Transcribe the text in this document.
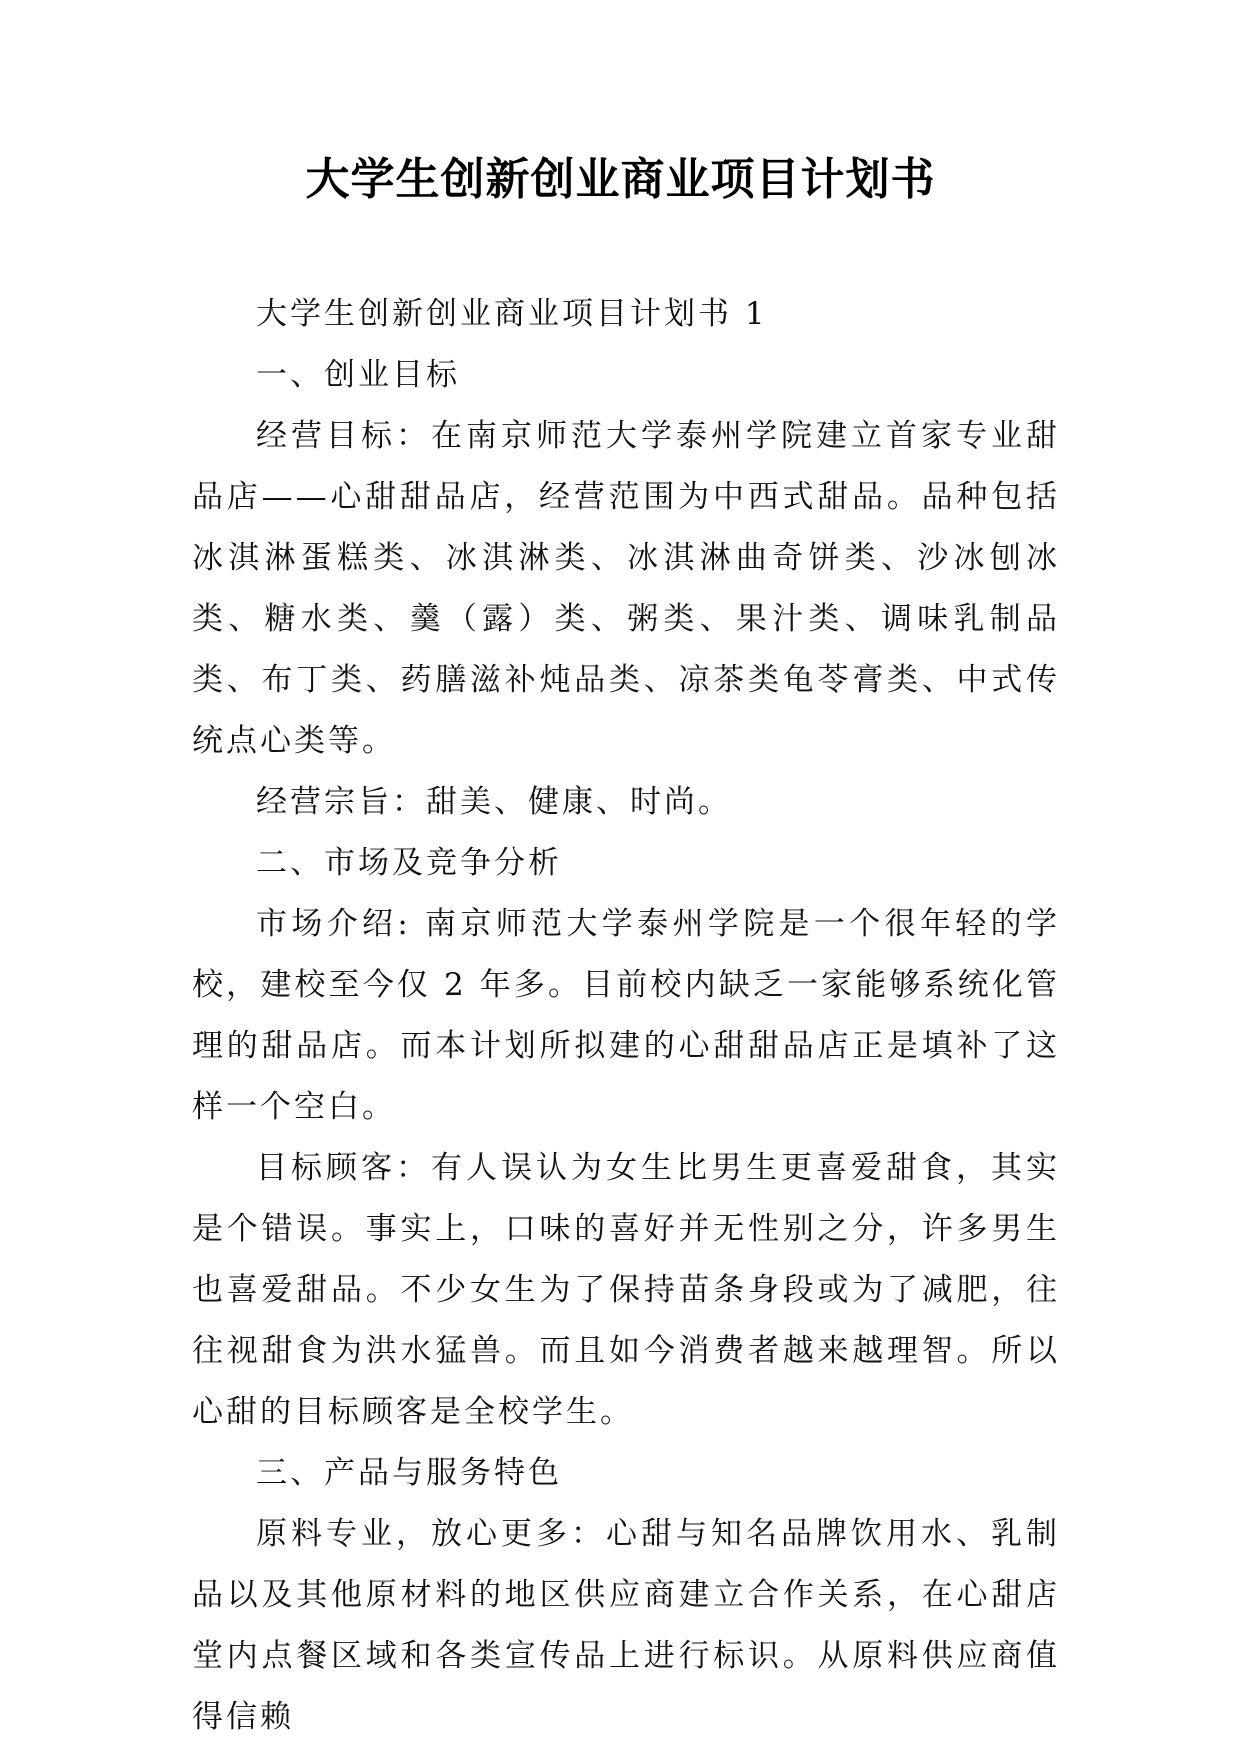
大学生创新创业商业项目计划书

大学生创新创业商业项目计划书 1

一、创业目标

经营目标：在南京师范大学泰州学院建立首家专业甜品店——心甜甜品店，经营范围为中西式甜品。品种包括冰淇淋蛋糕类、冰淇淋类、冰淇淋曲奇饼类、沙冰刨冰类、糖水类、羹（露）类、粥类、果汁类、调味乳制品类、布丁类、药膳滋补炖品类、凉茶类龟苓膏类、中式传统点心类等。

经营宗旨：甜美、健康、时尚。

二、市场及竞争分析

市场介绍: 南京师范大学泰州学院是一个很年轻的学校，建校至今仅 2 年多。目前校内缺乏一家能够系统化管理的甜品店。而本计划所拟建的心甜甜品店正是填补了这样一个空白。

目标顾客：有人误认为女生比男生更喜爱甜食，其实是个错误。事实上，口味的喜好并无性别之分，许多男生也喜爱甜品。不少女生为了保持苗条身段或为了减肥，往往视甜食为洪水猛兽。而且如今消费者越来越理智。所以心甜的目标顾客是全校学生。

三、产品与服务特色

原料专业，放心更多：心甜与知名品牌饮用水、乳制品以及其他原材料的地区供应商建立合作关系，在心甜店堂内点餐区域和各类宣传品上进行标识。从原料供应商值得信赖
